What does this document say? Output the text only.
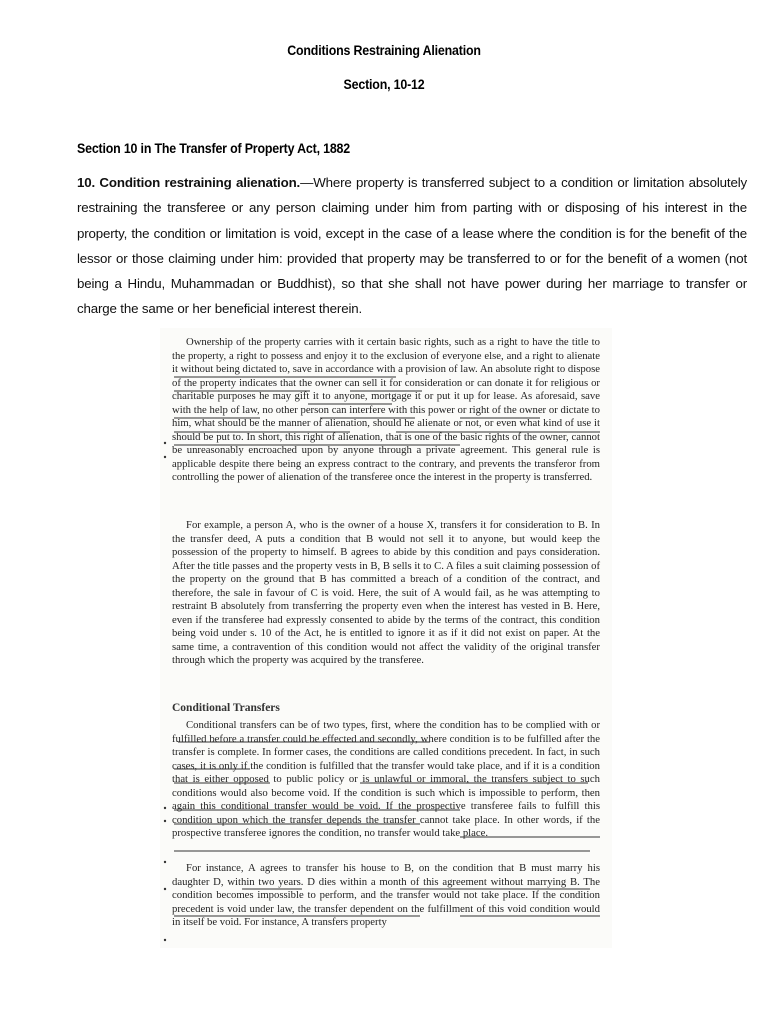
Conditions Restraining Alienation
Section, 10-12
Section 10 in The Transfer of Property Act, 1882
10. Condition restraining alienation.—Where property is transferred subject to a condition or limitation absolutely restraining the transferee or any person claiming under him from parting with or disposing of his interest in the property, the condition or limitation is void, except in the case of a lease where the condition is for the benefit of the lessor or those claiming under him: provided that property may be transferred to or for the benefit of a women (not being a Hindu, Muhammadan or Buddhist), so that she shall not have power during her marriage to transfer or charge the same or her beneficial interest therein.

Ownership of the property carries with it certain basic rights, such as a right to have the title to the property, a right to possess and enjoy it to the exclusion of everyone else, and a right to alienate it without being dictated to, save in accordance with a provision of law. An absolute right to dispose of the property indicates that the owner can sell it for consideration or can donate it for religious or charitable purposes he may gift it to anyone, mortgage it or put it up for lease. As aforesaid, save with the help of law, no other person can interfere with this power or right of the owner or dictate to him, what should be the manner of alienation, should he alienate or not, or even what kind of use it should be put to. In short, this right of alienation, that is one of the basic rights of the owner, cannot be unreasonably encroached upon by anyone through a private agreement. This general rule is applicable despite there being an express contract to the contrary, and prevents the transferor from controlling the power of alienation of the transferee once the interest in the property is transferred.

For example, a person A, who is the owner of a house X, transfers it for consideration to B. In the transfer deed, A puts a condition that B would not sell it to anyone, but would keep the possession of the property to himself. B agrees to abide by this condition and pays consideration. After the title passes and the property vests in B, B sells it to C. A files a suit claiming possession of the property on the ground that B has committed a breach of a condition of the contract, and therefore, the sale in favour of C is void. Here, the suit of A would fail, as he was attempting to restraint B absolutely from transferring the property even when the interest has vested in B. Here, even if the transferee had expressly consented to abide by the terms of the contract, this condition being void under s. 10 of the Act, he is entitled to ignore it as if it did not exist on paper. At the same time, a contravention of this condition would not affect the validity of the original transfer through which the property was acquired by the transferee.

Conditional Transfers

Conditional transfers can be of two types, first, where the condition has to be complied with or fulfilled before a transfer could be effected and secondly, where condition is to be fulfilled after the transfer is complete. In former cases, the conditions are called conditions precedent. In fact, in such cases, it is only if the condition is fulfilled that the transfer would take place, and if it is a condition that is either opposed to public policy or is unlawful or immoral, the transfers subject to such conditions would also become void. If the condition is such which is impossible to perform, then again this conditional transfer would be void. If the prospective transferee fails to fulfill this condition upon which the transfer depends the transfer cannot take place. In other words, if the prospective transferee ignores the condition, no transfer would take place.

For instance, A agrees to transfer his house to B, on the condition that B must marry his daughter D, within two years. D dies within a month of this agreement without marrying B. The condition becomes impossible to perform, and the transfer would not take place. If the condition precedent is void under law, the transfer dependent on the fulfillment of this void condition would in itself be void. For instance, A transfers property
